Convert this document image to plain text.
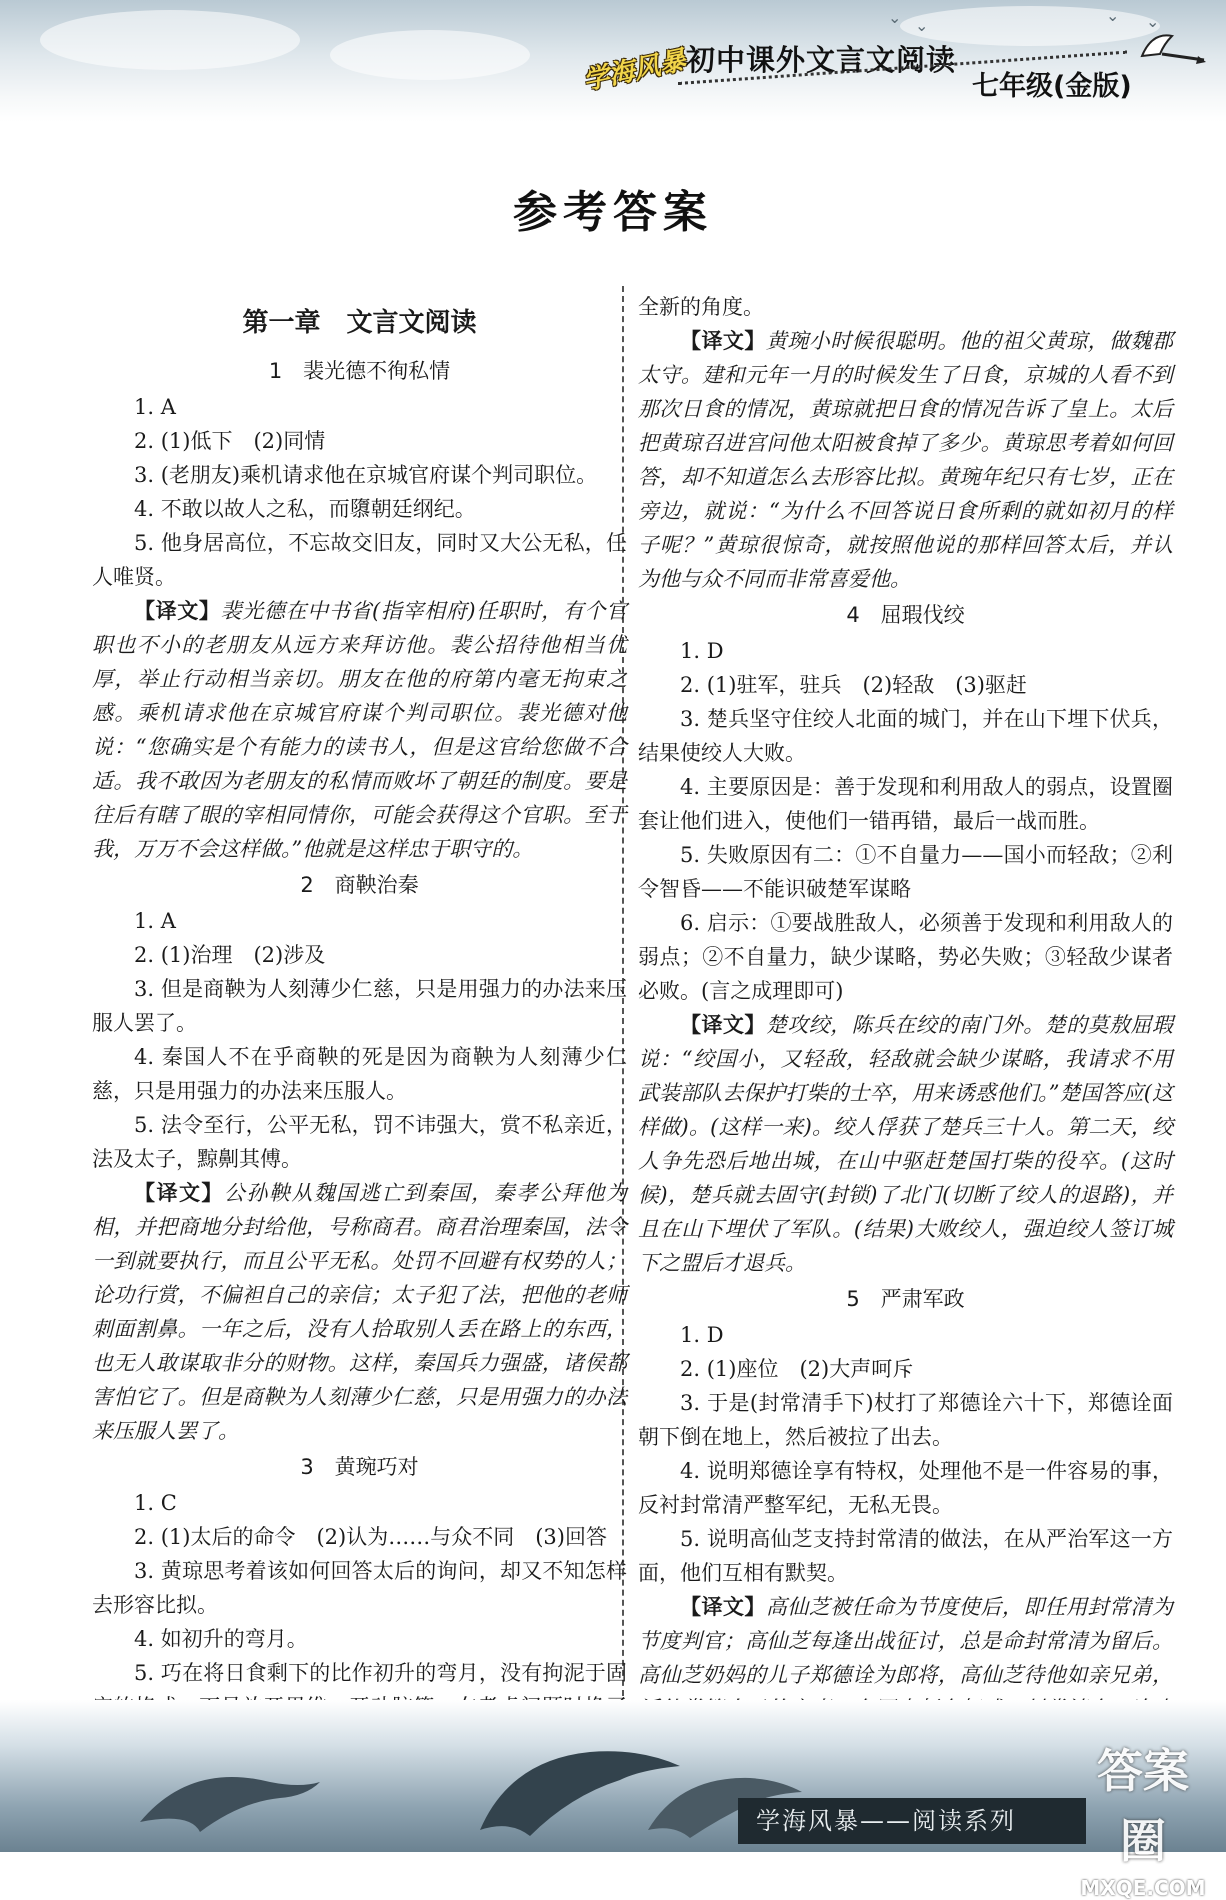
⌄ ⌄
⌄ ⌄
学海风暴
初中课外文言文阅读
七年级(金版)
参考答案
第一章　文言文阅读
1　裴光德不徇私情

1. A

2. (1)低下　(2)同情

3. (老朋友)乘机请求他在京城官府谋个判司职位。

4. 不敢以故人之私，而隳朝廷纲纪。

5. 他身居高位，不忘故交旧友，同时又大公无私，任人唯贤。

【译文】裴光德在中书省(指宰相府)任职时，有个官职也不小的老朋友从远方来拜访他。裴公招待他相当优厚，举止行动相当亲切。朋友在他的府第内毫无拘束之感。乘机请求他在京城官府谋个判司职位。裴光德对他说：“您确实是个有能力的读书人，但是这官给您做不合适。我不敢因为老朋友的私情而败坏了朝廷的制度。要是往后有瞎了眼的宰相同情你，可能会获得这个官职。至于我，万万不会这样做。”他就是这样忠于职守的。

2　商鞅治秦

1. A

2. (1)治理　(2)涉及

3. 但是商鞅为人刻薄少仁慈，只是用强力的办法来压服人罢了。

4. 秦国人不在乎商鞅的死是因为商鞅为人刻薄少仁慈，只是用强力的办法来压服人。

5. 法令至行，公平无私，罚不讳强大，赏不私亲近，法及太子，黥劓其傅。

【译文】公孙鞅从魏国逃亡到秦国，秦孝公拜他为相，并把商地分封给他，号称商君。商君治理秦国，法令一到就要执行，而且公平无私。处罚不回避有权势的人；论功行赏，不偏袒自己的亲信；太子犯了法，把他的老师刺面割鼻。一年之后，没有人拾取别人丢在路上的东西，也无人敢谋取非分的财物。这样，秦国兵力强盛，诸侯都害怕它了。但是商鞅为人刻薄少仁慈，只是用强力的办法来压服人罢了。

3　黄琬巧对

1. C

2. (1)太后的命令　(2)认为……与众不同　(3)回答

3. 黄琼思考着该如何回答太后的询问，却又不知怎样去形容比拟。

4. 如初升的弯月。

5. 巧在将日食剩下的比作初升的弯月，没有拘泥于固

全新的角度。

【译文】黄琬小时候很聪明。他的祖父黄琼，做魏郡太守。建和元年一月的时候发生了日食，京城的人看不到那次日食的情况，黄琼就把日食的情况告诉了皇上。太后把黄琼召进宫问他太阳被食掉了多少。黄琼思考着如何回答，却不知道怎么去形容比拟。黄琬年纪只有七岁，正在旁边，就说：“为什么不回答说日食所剩的就如初月的样子呢？”黄琼很惊奇，就按照他说的那样回答太后，并认为他与众不同而非常喜爱他。

4　屈瑕伐绞

1. D

2. (1)驻军，驻兵　(2)轻敌　(3)驱赶

3. 楚兵坚守住绞人北面的城门，并在山下埋下伏兵，结果使绞人大败。

4. 主要原因是：善于发现和利用敌人的弱点，设置圈套让他们进入，使他们一错再错，最后一战而胜。

5. 失败原因有二：①不自量力——国小而轻敌；②利令智昏——不能识破楚军谋略

6. 启示：①要战胜敌人，必须善于发现和利用敌人的弱点；②不自量力，缺少谋略，势必失败；③轻敌少谋者必败。(言之成理即可)

【译文】楚攻绞，陈兵在绞的南门外。楚的莫敖屈瑕说：“绞国小，又轻敌，轻敌就会缺少谋略，我请求不用武装部队去保护打柴的士卒，用来诱惑他们。”楚国答应(这样做)。(这样一来)。绞人俘获了楚兵三十人。第二天，绞人争先恐后地出城，在山中驱赶楚国打柴的役卒。(这时候)，楚兵就去固守(封锁)了北门(切断了绞人的退路)，并且在山下埋伏了军队。(结果)大败绞人，强迫绞人签订城下之盟后才退兵。

5　严肃军政

1. D

2. (1)座位　(2)大声呵斥

3. 于是(封常清手下)杖打了郑德诠六十下，郑德诠面朝下倒在地上，然后被拉了出去。

4. 说明郑德诠享有特权，处理他不是一件容易的事，反衬封常清严整军纪，无私无畏。

5. 说明高仙芝支持封常清的做法，在从严治军这一方面，他们互相有默契。

【译文】高仙芝被任命为节度使后，即任用封常清为节度判官；高仙芝每逢出战征讨，总是命封常清为留后。高仙芝奶妈的儿子郑德诠为郎将，高仙芝待他如亲兄弟，

学海风暴——阅读系列
答案圈
MXQE.COM
